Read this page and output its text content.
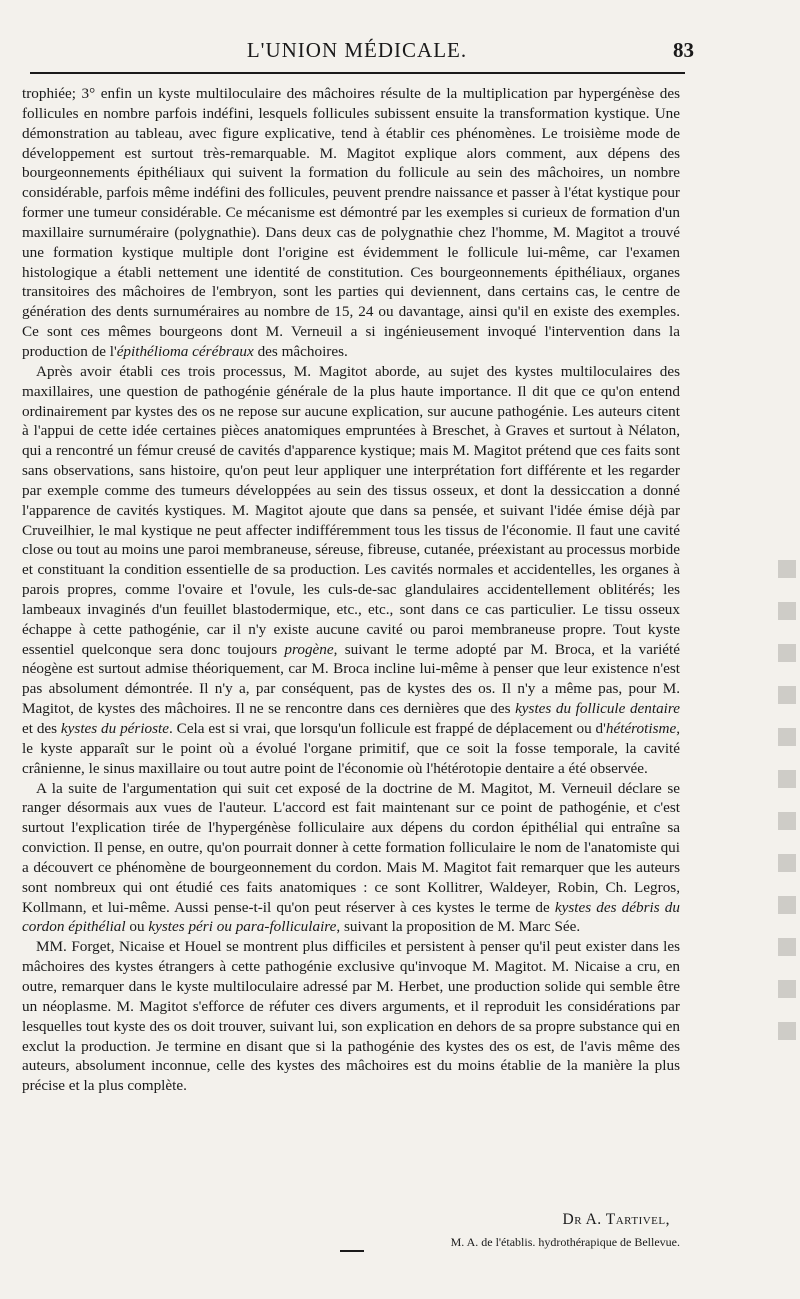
L'UNION MÉDICALE.	83

trophiée; 3° enfin un kyste multiloculaire des mâchoires résulte de la multiplication par hypergénèse des follicules en nombre parfois indéfini, lesquels follicules subissent ensuite la transformation kystique. Une démonstration au tableau, avec figure explicative, tend à établir ces phénomènes. Le troisième mode de développement est surtout très-remarquable. M. Magitot explique alors comment, aux dépens des bourgeonnements épithéliaux qui suivent la formation du follicule au sein des mâchoires, un nombre considérable, parfois même indéfini des follicules, peuvent prendre naissance et passer à l'état kystique pour former une tumeur considérable. Ce mécanisme est démontré par les exemples si curieux de formation d'un maxillaire surnuméraire (polygnathie). Dans deux cas de polygnathie chez l'homme, M. Magitot a trouvé une formation kystique multiple dont l'origine est évidemment le follicule lui-même, car l'examen histologique a établi nettement une identité de constitution. Ces bourgeonnements épithéliaux, organes transitoires des mâchoires de l'embryon, sont les parties qui deviennent, dans certains cas, le centre de génération des dents surnuméraires au nombre de 15, 24 ou davantage, ainsi qu'il en existe des exemples. Ce sont ces mêmes bourgeons dont M. Verneuil a si ingénieusement invoqué l'intervention dans la production de l'épithélioma cérébraux des mâchoires.

Après avoir établi ces trois processus, M. Magitot aborde, au sujet des kystes multiloculaires des maxillaires, une question de pathogénie générale de la plus haute importance. Il dit que ce qu'on entend ordinairement par kystes des os ne repose sur aucune explication, sur aucune pathogénie. Les auteurs citent à l'appui de cette idée certaines pièces anatomiques empruntées à Breschet, à Graves et surtout à Nélaton, qui a rencontré un fémur creusé de cavités d'apparence kystique; mais M. Magitot prétend que ces faits sont sans observations, sans histoire, qu'on peut leur appliquer une interprétation fort différente et les regarder par exemple comme des tumeurs développées au sein des tissus osseux, et dont la dessiccation a donné l'apparence de cavités kystiques. M. Magitot ajoute que dans sa pensée, et suivant l'idée émise déjà par Cruveilhier, le mal kystique ne peut affecter indifféremment tous les tissus de l'économie. Il faut une cavité close ou tout au moins une paroi membraneuse, séreuse, fibreuse, cutanée, préexistant au processus morbide et constituant la condition essentielle de sa production. Les cavités normales et accidentelles, les organes à parois propres, comme l'ovaire et l'ovule, les culs-de-sac glandulaires accidentellement oblitérés; les lambeaux invaginés d'un feuillet blastodermique, etc., etc., sont dans ce cas particulier. Le tissu osseux échappe à cette pathogénie, car il n'y existe aucune cavité ou paroi membraneuse propre. Tout kyste essentiel quelconque sera donc toujours progène, suivant le terme adopté par M. Broca, et la variété néogène est surtout admise théoriquement, car M. Broca incline lui-même à penser que leur existence n'est pas absolument démontrée. Il n'y a, par conséquent, pas de kystes des os. Il n'y a même pas, pour M. Magitot, de kystes des mâchoires. Il ne se rencontre dans ces dernières que des kystes du follicule dentaire et des kystes du périoste. Cela est si vrai, que lorsqu'un follicule est frappé de déplacement ou d'hétérotisme, le kyste apparaît sur le point où a évolué l'organe primitif, que ce soit la fosse temporale, la cavité crânienne, le sinus maxillaire ou tout autre point de l'économie où l'hétérotopie dentaire a été observée.

A la suite de l'argumentation qui suit cet exposé de la doctrine de M. Magitot, M. Verneuil déclare se ranger désormais aux vues de l'auteur. L'accord est fait maintenant sur ce point de pathogénie, et c'est surtout l'explication tirée de l'hypergénèse folliculaire aux dépens du cordon épithélial qui entraîne sa conviction. Il pense, en outre, qu'on pourrait donner à cette formation folliculaire le nom de l'anatomiste qui a découvert ce phénomène de bourgeonnement du cordon. Mais M. Magitot fait remarquer que les auteurs sont nombreux qui ont étudié ces faits anatomiques : ce sont Kollitrer, Waldeyer, Robin, Ch. Legros, Kollmann, et lui-même. Aussi pense-t-il qu'on peut réserver à ces kystes le terme de kystes des débris du cordon épithélial ou kystes péri ou para-folliculaire, suivant la proposition de M. Marc Sée.

MM. Forget, Nicaise et Houel se montrent plus difficiles et persistent à penser qu'il peut exister dans les mâchoires des kystes étrangers à cette pathogénie exclusive qu'invoque M. Magitot. M. Nicaise a cru, en outre, remarquer dans le kyste multiloculaire adressé par M. Herbet, une production solide qui semble être un néoplasme. M. Magitot s'efforce de réfuter ces divers arguments, et il reproduit les considérations par lesquelles tout kyste des os doit trouver, suivant lui, son explication en dehors de sa propre substance qui en exclut la production. Je termine en disant que si la pathogénie des kystes des os est, de l'avis même des auteurs, absolument inconnue, celle des kystes des mâchoires est du moins établie de la manière la plus précise et la plus complète.

Dr A. Tartivel,
M. A. de l'établis. hydrothérapique de Bellevue.
